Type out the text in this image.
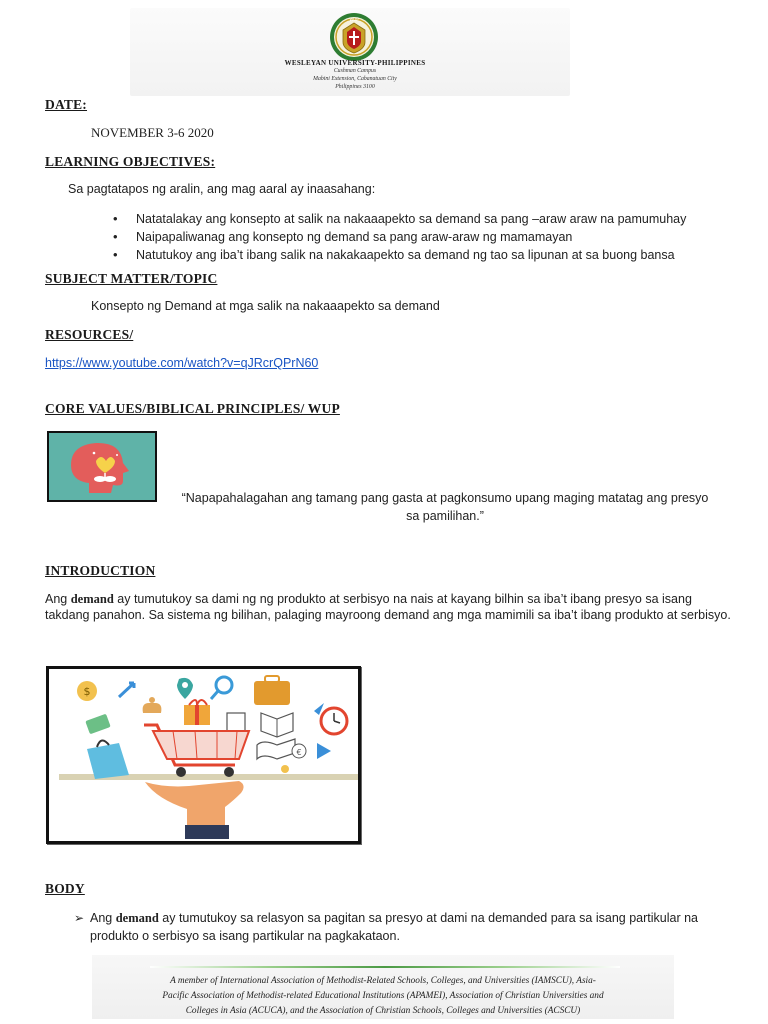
WUP
WESLEYAN UNIVERSITY-PHILIPPINES
Cushman Campus
Mabini Extension, Cabanatuan City
Philippines 3100
DATE:
NOVEMBER 3-6 2020
LEARNING OBJECTIVES:
Sa pagtatapos ng aralin, ang mag aaral ay inaasahang:
• Natatalakay ang konsepto at salik na nakaaapekto sa demand sa pang –araw araw na pamumuhay
• Naipapaliwanag ang konsepto ng demand sa pang araw-araw ng mamamayan
• Natutukoy ang iba’t ibang salik na nakakaapekto sa demand ng tao sa lipunan at sa buong bansa
SUBJECT MATTER/TOPIC
Konsepto ng Demand at mga salik na nakaaapekto sa demand
RESOURCES/
https://www.youtube.com/watch?v=qJRcrQPrN60
CORE VALUES/BIBLICAL PRINCIPLES/ WUP
“Napapahalagahan ang tamang pang gasta at pagkonsumo upang maging matatag ang presyo
sa pamilihan.”
INTRODUCTION
Ang demand ay tumutukoy sa dami ng ng produkto at serbisyo na nais at kayang bilhin sa iba’t ibang presyo sa isang takdang panahon. Sa sistema ng bilihan, palaging mayroong demand ang mga mamimili sa iba’t ibang produkto at serbisyo.
$
€
BODY
➢ Ang demand ay tumutukoy sa relasyon sa pagitan sa presyo at dami na demanded para sa isang partikular na produkto o serbisyo sa isang partikular na pagkakataon.
A member of International Association of Methodist-Related Schools, Colleges, and Universities (IAMSCU), Asia-
Pacific Association of Methodist-related Educational Institutions (APAMEI), Association of Christian Universities and
Colleges in Asia (ACUCA), and the Association of Christian Schools, Colleges and Universities (ACSCU)
